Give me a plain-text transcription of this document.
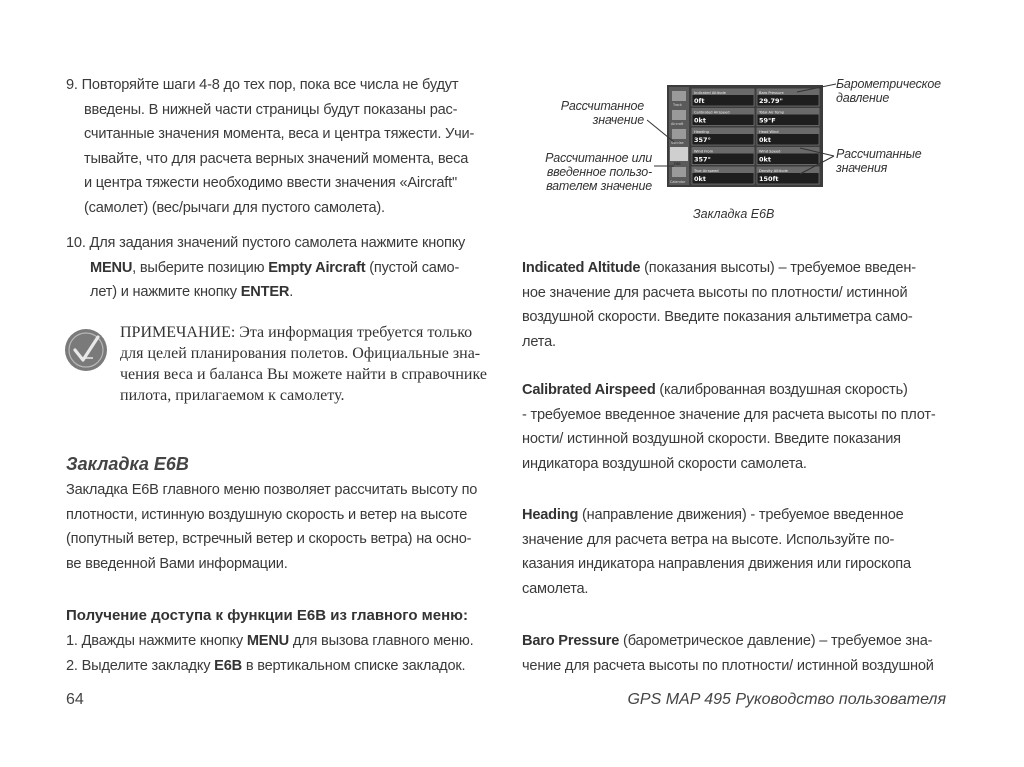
9. Повторяйте шаги 4-8 до тех пор, пока все числа не будут
введены. В нижней части страницы будут показаны рас-
считанные значения момента, веса и центра тяжести. Учи-
тывайте, что для расчета верных значений момента, веса
и центра тяжести необходимо ввести значения «Aircraft"
(самолет) (вес/рычаги для пустого самолета).
10. Для задания значений пустого самолета нажмите кнопку
MENU, выберите позицию Empty Aircraft (пустой само-
лет) и нажмите кнопку ENTER.
ПРИМЕЧАНИЕ: Эта информация требуется только
для целей планирования полетов. Официальные зна-
чения веса и баланса Вы можете найти в справочнике
пилота, прилагаемом к самолету.
Закладка E6B
Закладка E6B главного меню позволяет рассчитать высоту по
плотности, истинную воздушную скорость и ветер на высоте
(попутный ветер, встречный ветер и скорость ветра) на осно-
ве введенной Вами информации.
Получение доступа к функции E6B из главного меню:
1. Дважды нажмите кнопку MENU для вызова главного меню.
2. Выделите закладку E6B в вертикальном списке закладок.
64	GPS MAP 495 Руководство пользователя
Рассчитанное
значение
Рассчитанное или
введенное пользо-
вателем значение
Барометрическое
давление
Рассчитанные
значения
Track
Aircraft
Sunrise
E6B
Calendar
Indicated Altitude
0ft
Baro Pressure
29.79"
Calibrated Airspeed
0kt
Total Air Temp
59°F
Heading
357°
Head Wind
0kt
Wind From
357°
Wind Speed
0kt
True Airspeed
0kt
Density Altitude
150ft
Закладка E6B
Indicated Altitude (показания высоты) – требуемое введен-
ное значение для расчета высоты по плотности/ истинной
воздушной скорости. Введите показания альтиметра само-
лета.
Calibrated Airspeed (калиброванная воздушная скорость)
- требуемое введенное значение для расчета высоты по плот-
ности/ истинной воздушной скорости. Введите показания
индикатора воздушной скорости самолета.
Heading (направление движения) - требуемое введенное
значение для расчета ветра на высоте. Используйте по-
казания индикатора направления движения или гироскопа
самолета.
Baro Pressure (барометрическое давление) – требуемое зна-
чение для расчета высоты по плотности/ истинной воздушной
